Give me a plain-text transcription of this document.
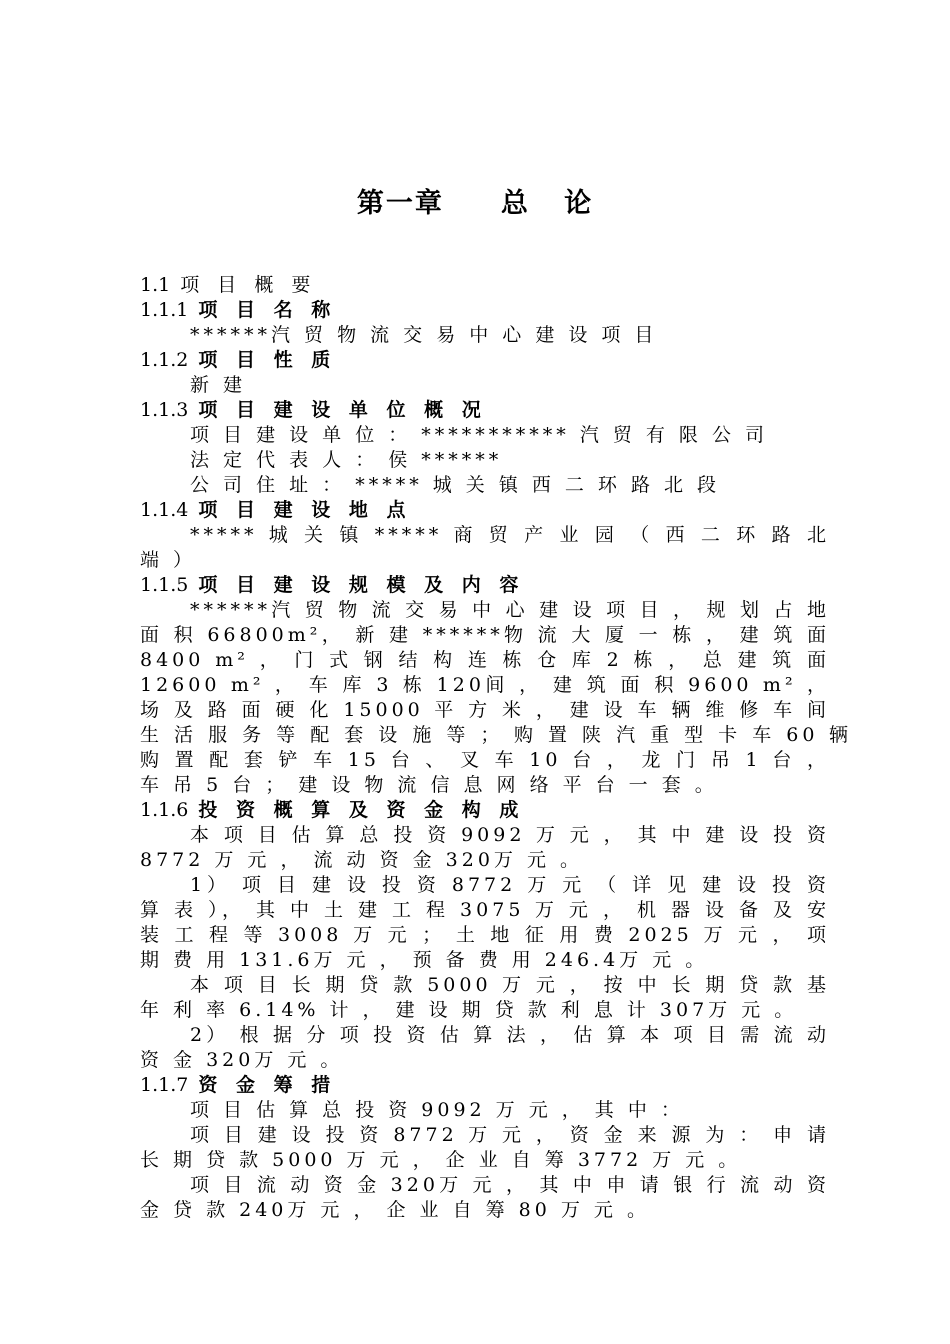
第一章     总   论
1.1 项 目 概 要
1.1.1 项 目 名 称
******汽 贸 物 流 交 易 中 心 建 设 项 目
1.1.2 项 目 性 质
新 建
1.1.3 项 目 建 设 单 位 概 况
项 目 建 设 单 位 ： *********** 汽 贸 有 限 公 司
法 定 代 表 人 ： 侯 ******
公 司 住 址 ： ***** 城 关 镇 西 二 环 路 北 段
1.1.4 项 目 建 设 地 点
***** 城 关 镇 ***** 商 贸 产 业 园 （ 西 二 环 路 北
端 ）
1.1.5 项 目 建 设 规 模 及 内 容
******汽 贸 物 流 交 易 中 心 建 设 项 目 ， 规 划 占 地
面 积 66800m²， 新 建 ******物 流 大 厦 一 栋 ， 建 筑 面
8400 m² ， 门 式 钢 结 构 连 栋 仓 库 2 栋 ， 总 建 筑 面
12600 m² ， 车 库 3 栋 120间 ， 建 筑 面 积 9600 m² ，
场 及 路 面 硬 化 15000 平 方 米 ， 建 设 车 辆 维 修 车 间
生 活 服 务 等 配 套 设 施 等 ； 购 置 陕 汽 重 型 卡 车 60 辆
购 置 配 套 铲 车 15 台 、 叉 车 10 台 ， 龙 门 吊 1 台 ，
车 吊 5 台 ； 建 设 物 流 信 息 网 络 平 台 一 套 。
1.1.6 投 资 概 算 及 资 金 构 成
本 项 目 估 算 总 投 资 9092 万 元 ， 其 中 建 设 投 资
8772 万 元 ， 流 动 资 金 320万 元 。
1） 项 目 建 设 投 资 8772 万 元 （ 详 见 建 设 投 资
算 表 ）， 其 中 土 建 工 程 3075 万 元 ， 机 器 设 备 及 安
装 工 程 等 3008 万 元 ； 土 地 征 用 费 2025 万 元 ， 项
期 费 用 131.6万 元 ， 预 备 费 用 246.4万 元 。
本 项 目 长 期 贷 款 5000 万 元 ， 按 中 长 期 贷 款 基
年 利 率 6.14% 计 ， 建 设 期 贷 款 利 息 计 307万 元 。
2） 根 据 分 项 投 资 估 算 法 ， 估 算 本 项 目 需 流 动
资 金 320万 元 。
1.1.7 资 金 筹 措
项 目 估 算 总 投 资 9092 万 元 ， 其 中 ：
项 目 建 设 投 资 8772 万 元 ， 资 金 来 源 为 ： 申 请
长 期 贷 款 5000 万 元 ， 企 业 自 筹 3772 万 元 。
项 目 流 动 资 金 320万 元 ， 其 中 申 请 银 行 流 动 资
金 贷 款 240万 元 ， 企 业 自 筹 80 万 元 。
